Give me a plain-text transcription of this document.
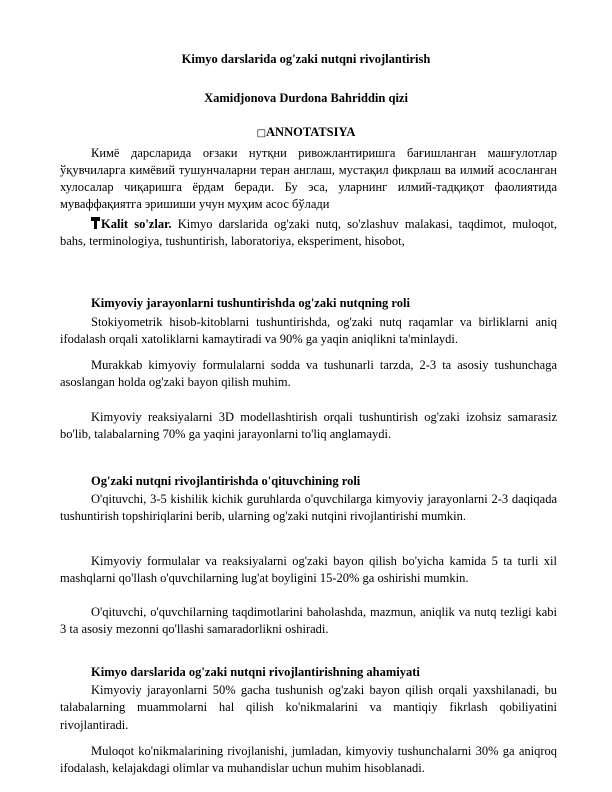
Kimyo darslarida og'zaki nutqni rivojlantirish
Xamidjonova Durdona Bahriddin qizi
□ANNOTATSIYA

Кимё дарсларида оғзаки нутқни ривожлантиришга бағишланган машғулотлар ўқувчиларга кимёвий тушунчаларни теран англаш, мустақил фикрлаш ва илмий асосланган хулосалар чиқаришга ёрдам беради. Бу эса, уларнинг илмий-тадқиқот фаолиятида муваффақиятга эришиши учун муҳим асос бўлади

Kalit so'zlar. Kimyo darslarida og'zaki nutq, so'zlashuv malakasi, taqdimot, muloqot, bahs, terminologiya, tushuntirish, laboratoriya, eksperiment, hisobot,

Kimyoviy jarayonlarni tushuntirishda og'zaki nutqning roli

Stokiyometrik hisob-kitoblarni tushuntirishda, og'zaki nutq raqamlar va birliklarni aniq ifodalash orqali xatoliklarni kamaytiradi va 90% ga yaqin aniqlikni ta'minlaydi.

Murakkab kimyoviy formulalarni sodda va tushunarli tarzda, 2-3 ta asosiy tushunchaga asoslangan holda og'zaki bayon qilish muhim.

Kimyoviy reaksiyalarni 3D modellashtirish orqali tushuntirish og'zaki izohsiz samarasiz bo'lib, talabalarning 70% ga yaqini jarayonlarni to'liq anglamaydi.

Og'zaki nutqni rivojlantirishda o'qituvchining roli

O'qituvchi, 3-5 kishilik kichik guruhlarda o'quvchilarga kimyoviy jarayonlarni 2-3 daqiqada tushuntirish topshiriqlarini berib, ularning og'zaki nutqini rivojlantirishi mumkin.

Kimyoviy formulalar va reaksiyalarni og'zaki bayon qilish bo'yicha kamida 5 ta turli xil mashqlarni qo'llash o'quvchilarning lug'at boyligini 15-20% ga oshirishi mumkin.

O'qituvchi, o'quvchilarning taqdimotlarini baholashda, mazmun, aniqlik va nutq tezligi kabi 3 ta asosiy mezonni qo'llashi samaradorlikni oshiradi.

Kimyo darslarida og'zaki nutqni rivojlantirishning ahamiyati

Kimyoviy jarayonlarni 50% gacha tushunish og'zaki bayon qilish orqali yaxshilanadi, bu talabalarning muammolarni hal qilish ko'nikmalarini va mantiqiy fikrlash qobiliyatini rivojlantiradi.

Muloqot ko'nikmalarining rivojlanishi, jumladan, kimyoviy tushunchalarni 30% ga aniqroq ifodalash, kelajakdagi olimlar va muhandislar uchun muhim hisoblanadi.
